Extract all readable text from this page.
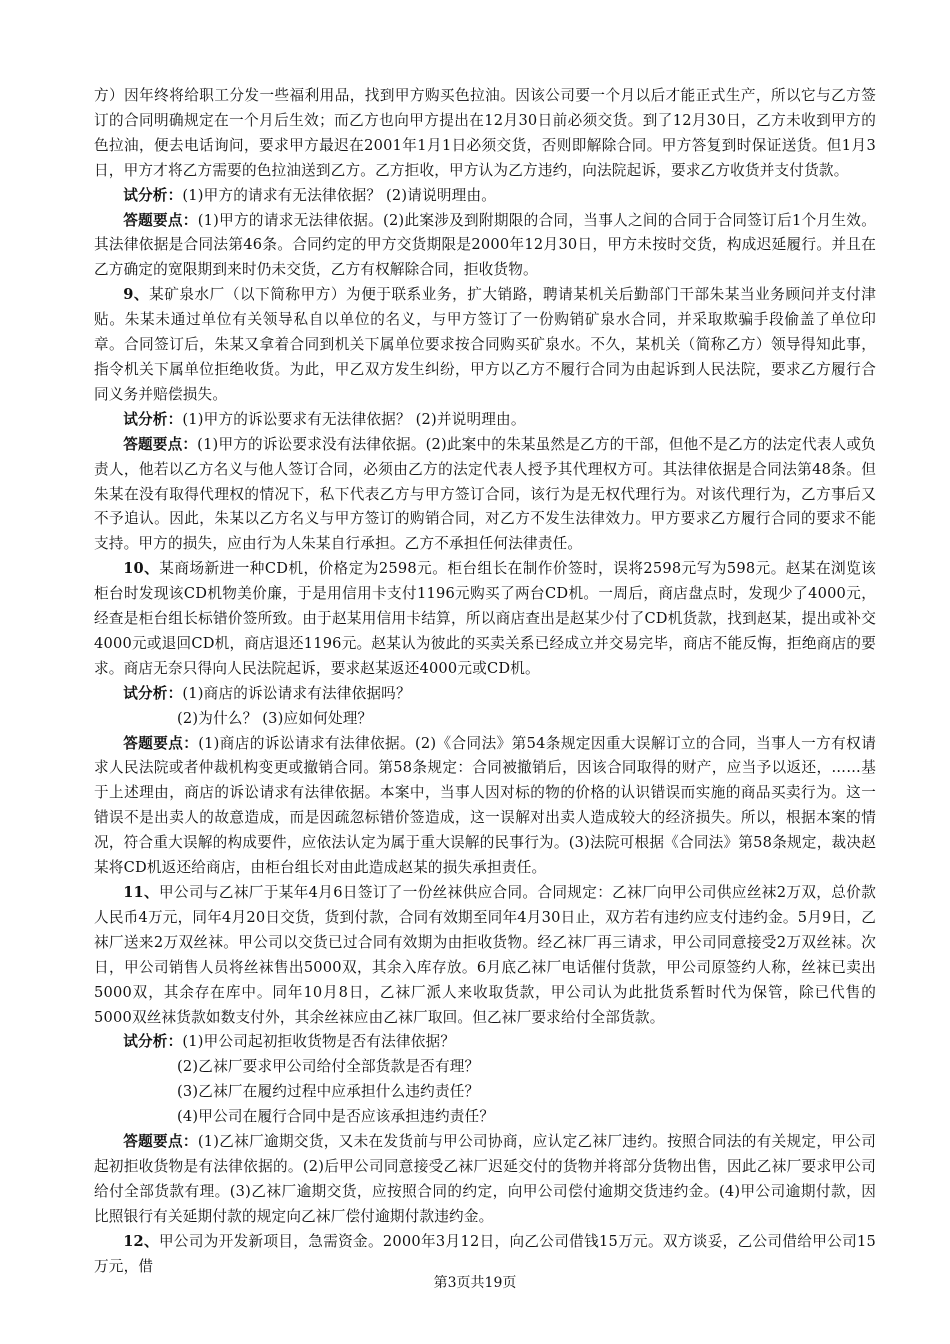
方）因年终将给职工分发一些福利用品，找到甲方购买色拉油。因该公司要一个月以后才能正式生产，所以它与乙方签订的合同明确规定在一个月后生效；而乙方也向甲方提出在12月30日前必须交货。到了12月30日，乙方未收到甲方的色拉油，便去电话询问，要求甲方最迟在2001年1月1日必须交货，否则即解除合同。甲方答复到时保证送货。但1月3日，甲方才将乙方需要的色拉油送到乙方。乙方拒收，甲方认为乙方违约，向法院起诉，要求乙方收货并支付货款。

试分析：(1)甲方的请求有无法律依据？ (2)请说明理由。

答题要点：(1)甲方的请求无法律依据。(2)此案涉及到附期限的合同，当事人之间的合同于合同签订后1个月生效。其法律依据是合同法第46条。合同约定的甲方交货期限是2000年12月30日，甲方未按时交货，构成迟延履行。并且在乙方确定的宽限期到来时仍未交货，乙方有权解除合同，拒收货物。

9、某矿泉水厂（以下简称甲方）为便于联系业务，扩大销路，聘请某机关后勤部门干部朱某当业务顾问并支付津贴。朱某未通过单位有关领导私自以单位的名义，与甲方签订了一份购销矿泉水合同，并采取欺骗手段偷盖了单位印章。合同签订后，朱某又拿着合同到机关下属单位要求按合同购买矿泉水。不久，某机关（简称乙方）领导得知此事，指令机关下属单位拒绝收货。为此，甲乙双方发生纠纷，甲方以乙方不履行合同为由起诉到人民法院，要求乙方履行合同义务并赔偿损失。

试分析：(1)甲方的诉讼要求有无法律依据？ (2)并说明理由。

答题要点：(1)甲方的诉讼要求没有法律依据。(2)此案中的朱某虽然是乙方的干部，但他不是乙方的法定代表人或负责人，他若以乙方名义与他人签订合同，必须由乙方的法定代表人授予其代理权方可。其法律依据是合同法第48条。但朱某在没有取得代理权的情况下，私下代表乙方与甲方签订合同，该行为是无权代理行为。对该代理行为，乙方事后又不予追认。因此，朱某以乙方名义与甲方签订的购销合同，对乙方不发生法律效力。甲方要求乙方履行合同的要求不能支持。甲方的损失，应由行为人朱某自行承担。乙方不承担任何法律责任。

10、某商场新进一种CD机，价格定为2598元。柜台组长在制作价签时，误将2598元写为598元。赵某在浏览该柜台时发现该CD机物美价廉，于是用信用卡支付1196元购买了两台CD机。一周后，商店盘点时，发现少了4000元，经查是柜台组长标错价签所致。由于赵某用信用卡结算，所以商店查出是赵某少付了CD机货款，找到赵某，提出或补交4000元或退回CD机，商店退还1196元。赵某认为彼此的买卖关系已经成立并交易完毕，商店不能反悔，拒绝商店的要求。商店无奈只得向人民法院起诉，要求赵某返还4000元或CD机。

试分析：(1)商店的诉讼请求有法律依据吗？

(2)为什么？ (3)应如何处理？

答题要点：(1)商店的诉讼请求有法律依据。(2)《合同法》第54条规定因重大误解订立的合同，当事人一方有权请求人民法院或者仲裁机构变更或撤销合同。第58条规定：合同被撤销后，因该合同取得的财产，应当予以返还，……基于上述理由，商店的诉讼请求有法律依据。本案中，当事人因对标的物的价格的认识错误而实施的商品买卖行为。这一错误不是出卖人的故意造成，而是因疏忽标错价签造成，这一误解对出卖人造成较大的经济损失。所以，根据本案的情况，符合重大误解的构成要件，应依法认定为属于重大误解的民事行为。(3)法院可根据《合同法》第58条规定，裁决赵某将CD机返还给商店，由柜台组长对由此造成赵某的损失承担责任。

11、甲公司与乙袜厂于某年4月6日签订了一份丝袜供应合同。合同规定：乙袜厂向甲公司供应丝袜2万双，总价款人民币4万元，同年4月20日交货，货到付款，合同有效期至同年4月30日止，双方若有违约应支付违约金。5月9日，乙袜厂送来2万双丝袜。甲公司以交货已过合同有效期为由拒收货物。经乙袜厂再三请求，甲公司同意接受2万双丝袜。次日，甲公司销售人员将丝袜售出5000双，其余入库存放。6月底乙袜厂电话催付货款，甲公司原签约人称，丝袜已卖出5000双，其余存在库中。同年10月8日，乙袜厂派人来收取货款，甲公司认为此批货系暂时代为保管，除已代售的5000双丝袜货款如数支付外，其余丝袜应由乙袜厂取回。但乙袜厂要求给付全部货款。

试分析：(1)甲公司起初拒收货物是否有法律依据？

(2)乙袜厂要求甲公司给付全部货款是否有理？

(3)乙袜厂在履约过程中应承担什么违约责任？

(4)甲公司在履行合同中是否应该承担违约责任？

答题要点：(1)乙袜厂逾期交货，又未在发货前与甲公司协商，应认定乙袜厂违约。按照合同法的有关规定，甲公司起初拒收货物是有法律依据的。(2)后甲公司同意接受乙袜厂迟延交付的货物并将部分货物出售，因此乙袜厂要求甲公司给付全部货款有理。(3)乙袜厂逾期交货，应按照合同的约定，向甲公司偿付逾期交货违约金。(4)甲公司逾期付款，因比照银行有关延期付款的规定向乙袜厂偿付逾期付款违约金。

12、甲公司为开发新项目，急需资金。2000年3月12日，向乙公司借钱15万元。双方谈妥，乙公司借给甲公司15万元，借

第3页共19页
